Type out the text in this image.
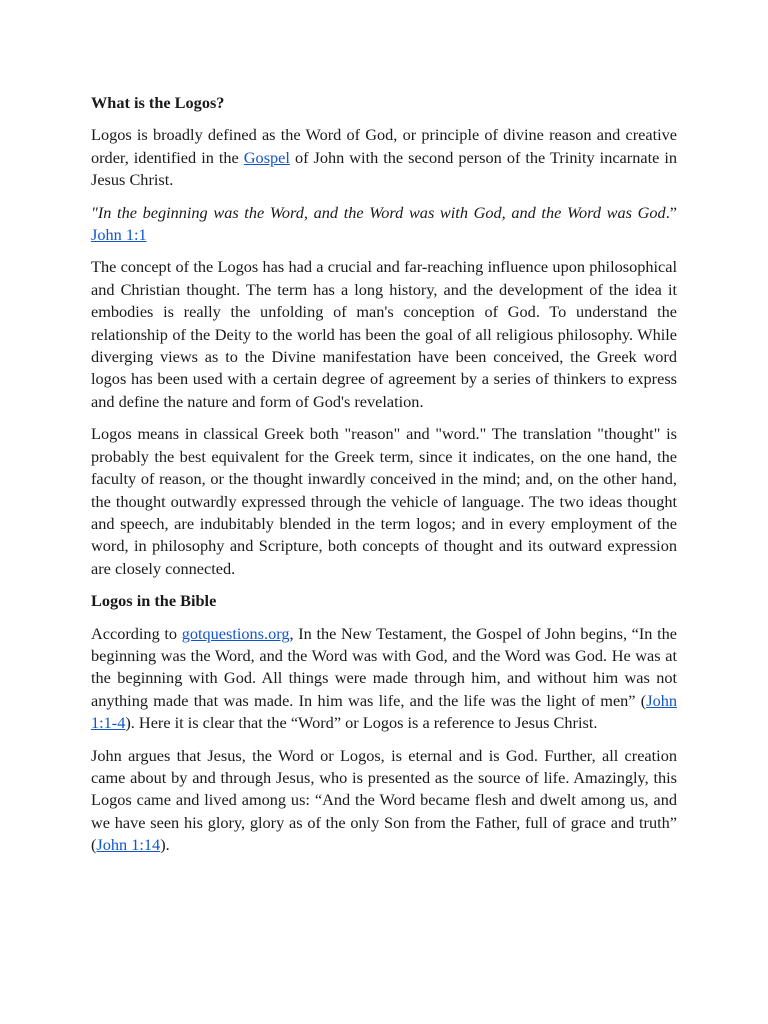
What is the Logos?

Logos is broadly defined as the Word of God, or principle of divine reason and creative order, identified in the Gospel of John with the second person of the Trinity incarnate in Jesus Christ.

"In the beginning was the Word, and the Word was with God, and the Word was God.” John 1:1

The concept of the Logos has had a crucial and far-reaching influence upon philosophical and Christian thought. The term has a long history, and the development of the idea it embodies is really the unfolding of man's conception of God. To understand the relationship of the Deity to the world has been the goal of all religious philosophy. While diverging views as to the Divine manifestation have been conceived, the Greek word logos has been used with a certain degree of agreement by a series of thinkers to express and define the nature and form of God's revelation.

Logos means in classical Greek both "reason" and "word." The translation "thought" is probably the best equivalent for the Greek term, since it indicates, on the one hand, the faculty of reason, or the thought inwardly conceived in the mind; and, on the other hand, the thought outwardly expressed through the vehicle of language. The two ideas thought and speech, are indubitably blended in the term logos; and in every employment of the word, in philosophy and Scripture, both concepts of thought and its outward expression are closely connected.

Logos in the Bible

According to gotquestions.org, In the New Testament, the Gospel of John begins, “In the beginning was the Word, and the Word was with God, and the Word was God. He was at the beginning with God. All things were made through him, and without him was not anything made that was made. In him was life, and the life was the light of men” (John 1:1-4). Here it is clear that the “Word” or Logos is a reference to Jesus Christ.

John argues that Jesus, the Word or Logos, is eternal and is God. Further, all creation came about by and through Jesus, who is presented as the source of life. Amazingly, this Logos came and lived among us: “And the Word became flesh and dwelt among us, and we have seen his glory, glory as of the only Son from the Father, full of grace and truth” (John 1:14).
